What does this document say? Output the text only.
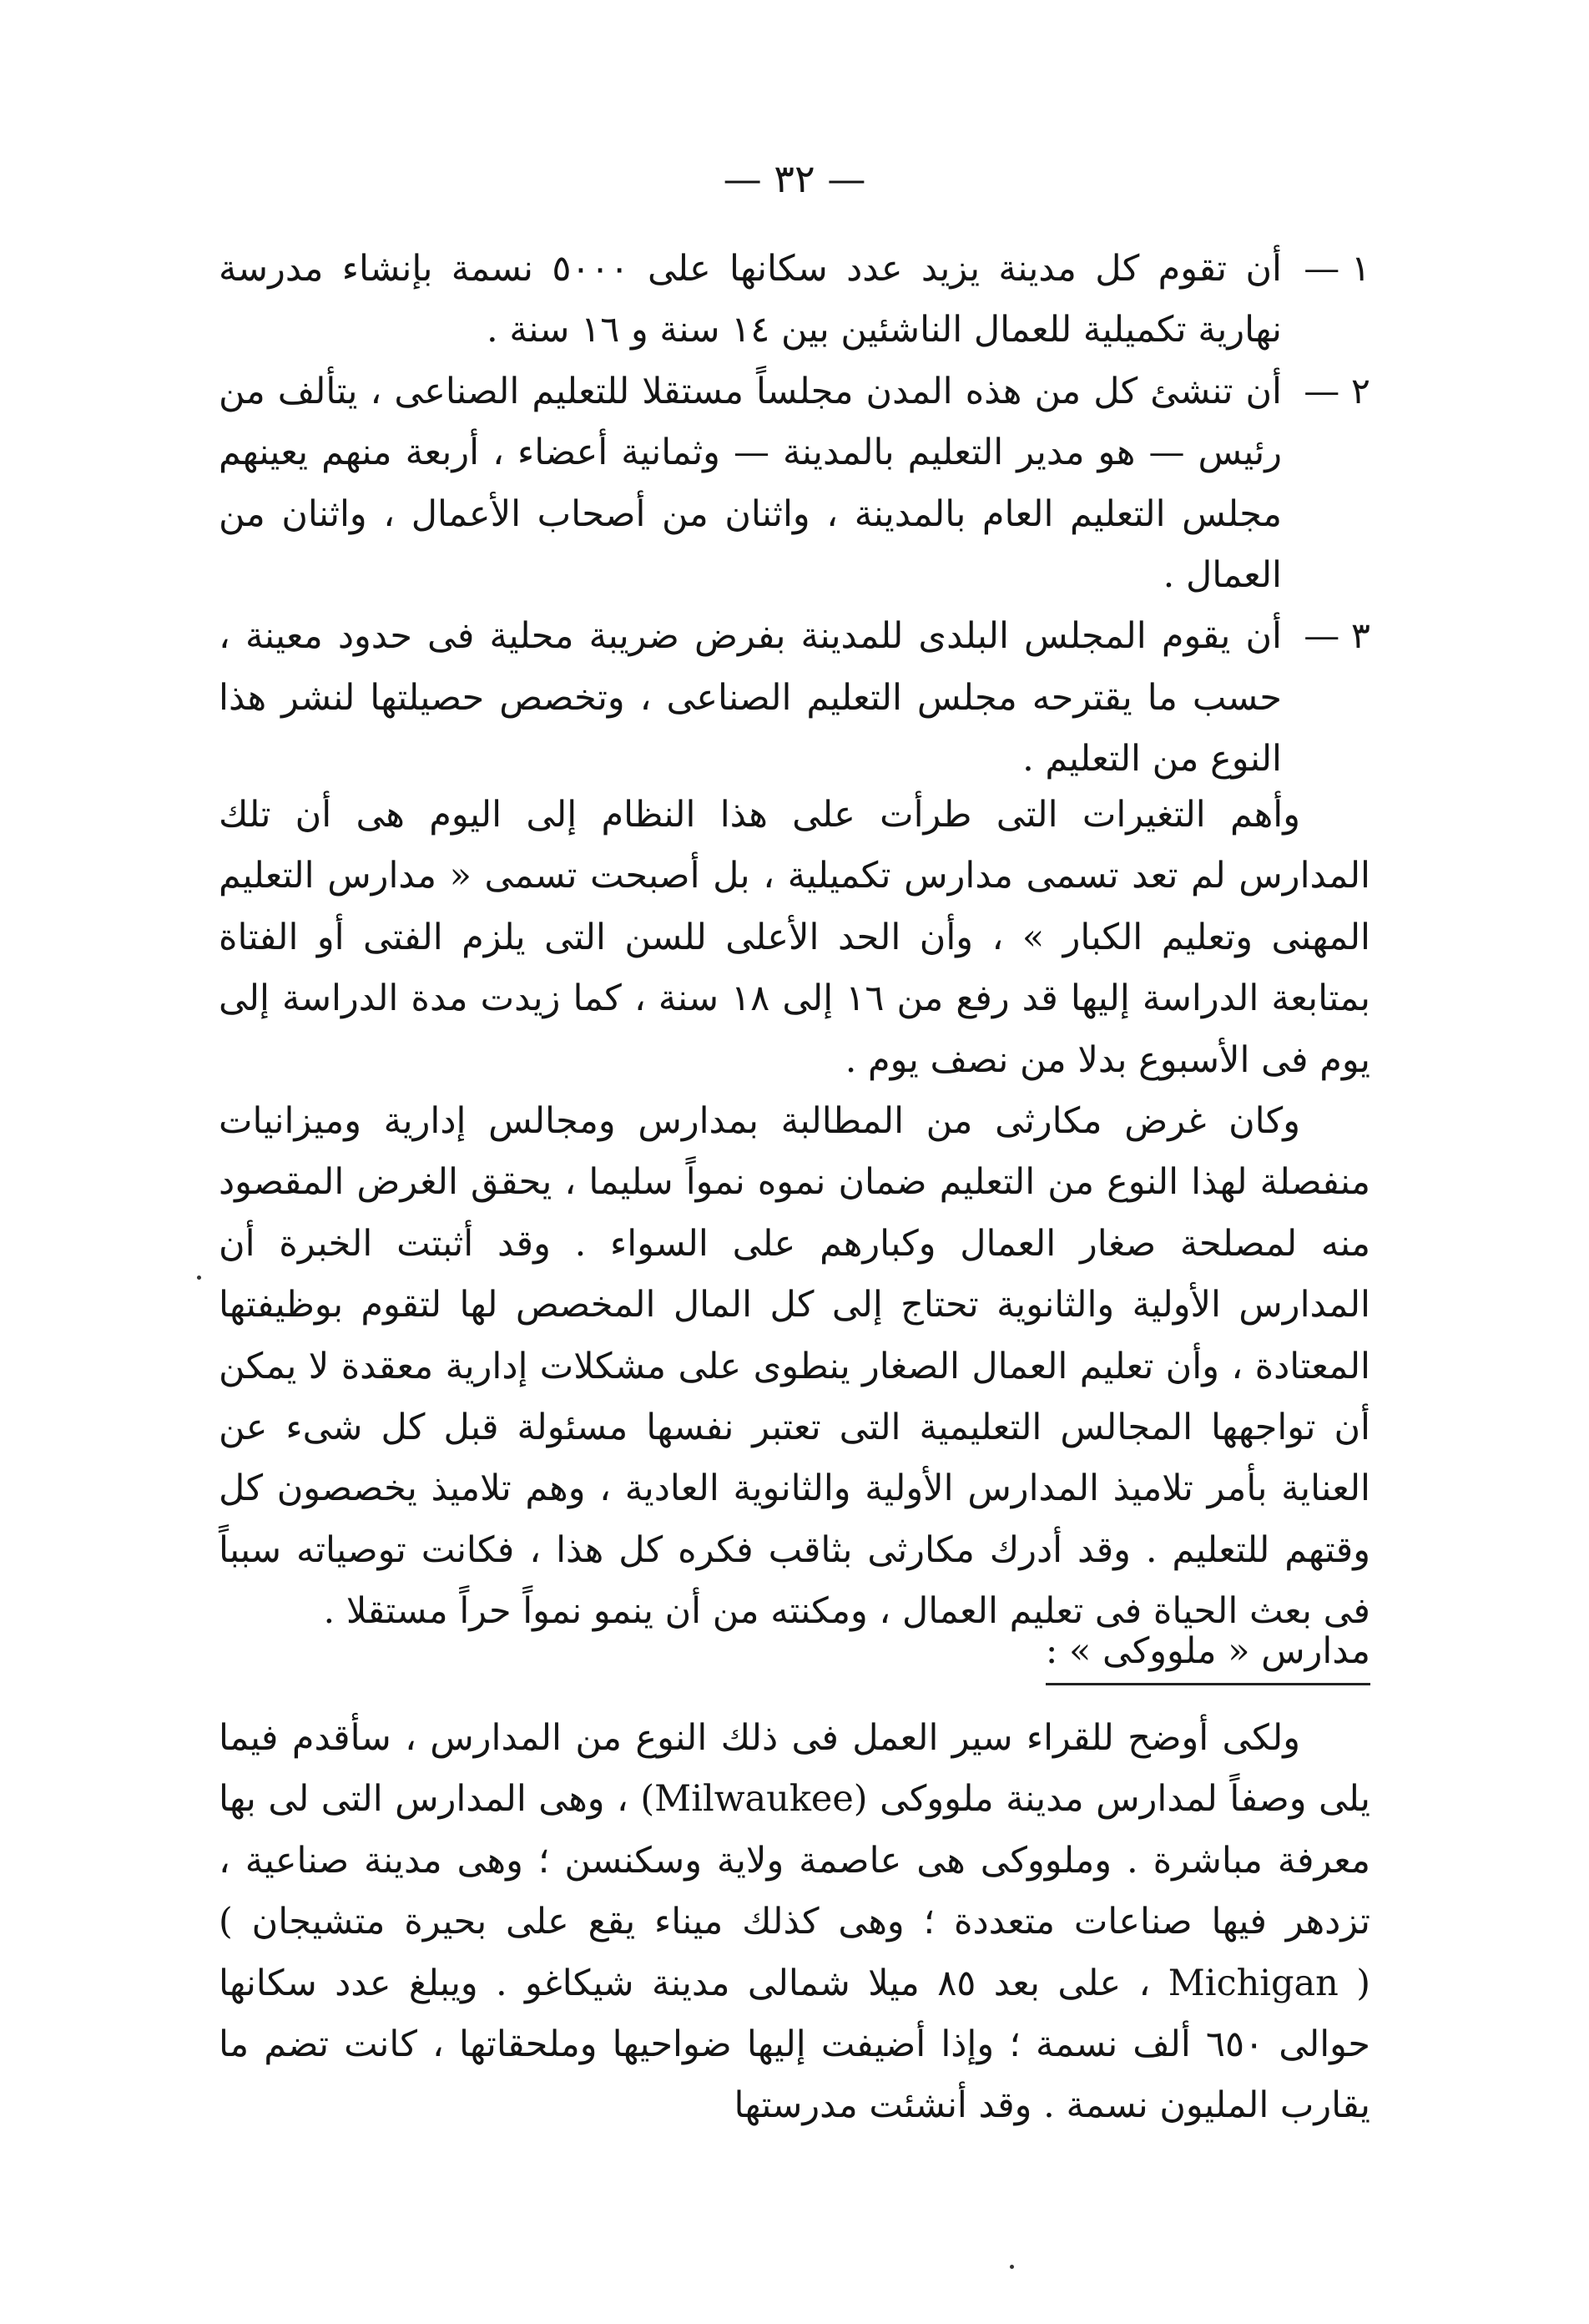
— ٣٢ —

١ —
أن تقوم كل مدينة يزيد عدد سكانها على ٥٠٠٠ نسمة بإنشاء مدرسة نهارية تكميلية للعمال الناشئين بين ١٤ سنة و ١٦ سنة .

٢ —
أن تنشئ كل من هذه المدن مجلساً مستقلا للتعليم الصناعى ، يتألف من رئيس — هو مدير التعليم بالمدينة — وثمانية أعضاء ، أربعة منهم يعينهم مجلس التعليم العام بالمدينة ، واثنان من أصحاب الأعمال ، واثنان من العمال .

٣ —
أن يقوم المجلس البلدى للمدينة بفرض ضريبة محلية فى حدود معينة ، حسب ما يقترحه مجلس التعليم الصناعى ، وتخصص حصيلتها لنشر هذا النوع من التعليم .

وأهم التغيرات التى طرأت على هذا النظام إلى اليوم هى أن تلك المدارس لم تعد تسمى مدارس تكميلية ، بل أصبحت تسمى « مدارس التعليم المهنى وتعليم الكبار » ، وأن الحد الأعلى للسن التى يلزم الفتى أو الفتاة بمتابعة الدراسة إليها قد رفع من ١٦ إلى ١٨ سنة ، كما زيدت مدة الدراسة إلى يوم فى الأسبوع بدلا من نصف يوم .

وكان غرض مكارثى من المطالبة بمدارس ومجالس إدارية وميزانيات منفصلة لهذا النوع من التعليم ضمان نموه نمواً سليما ، يحقق الغرض المقصود منه لمصلحة صغار العمال وكبارهم على السواء . وقد أثبتت الخبرة أن المدارس الأولية والثانوية تحتاج إلى كل المال المخصص لها لتقوم بوظيفتها المعتادة ، وأن تعليم العمال الصغار ينطوى على مشكلات إدارية معقدة لا يمكن أن تواجهها المجالس التعليمية التى تعتبر نفسها مسئولة قبل كل شىء عن العناية بأمر تلاميذ المدارس الأولية والثانوية العادية ، وهم تلاميذ يخصصون كل وقتهم للتعليم . وقد أدرك مكارثى بثاقب فكره كل هذا ، فكانت توصياته سبباً فى بعث الحياة فى تعليم العمال ، ومكنته من أن ينمو نمواً حراً مستقلا .

مدارس « ملووكى » :

ولكى أوضح للقراء سير العمل فى ذلك النوع من المدارس ، سأقدم فيما يلى وصفاً لمدارس مدينة ملووكى (Milwaukee) ، وهى المدارس التى لى بها معرفة مباشرة . وملووكى هى عاصمة ولاية وسكنسن ؛ وهى مدينة صناعية ، تزدهر فيها صناعات متعددة ؛ وهى كذلك ميناء يقع على بحيرة متشيجان ( Michigan ) ، على بعد ٨٥ ميلا شمالى مدينة شيكاغو . ويبلغ عدد سكانها حوالى ٦٥٠ ألف نسمة ؛ وإذا أضيفت إليها ضواحيها وملحقاتها ، كانت تضم ما يقارب المليون نسمة . وقد أنشئت مدرستها
